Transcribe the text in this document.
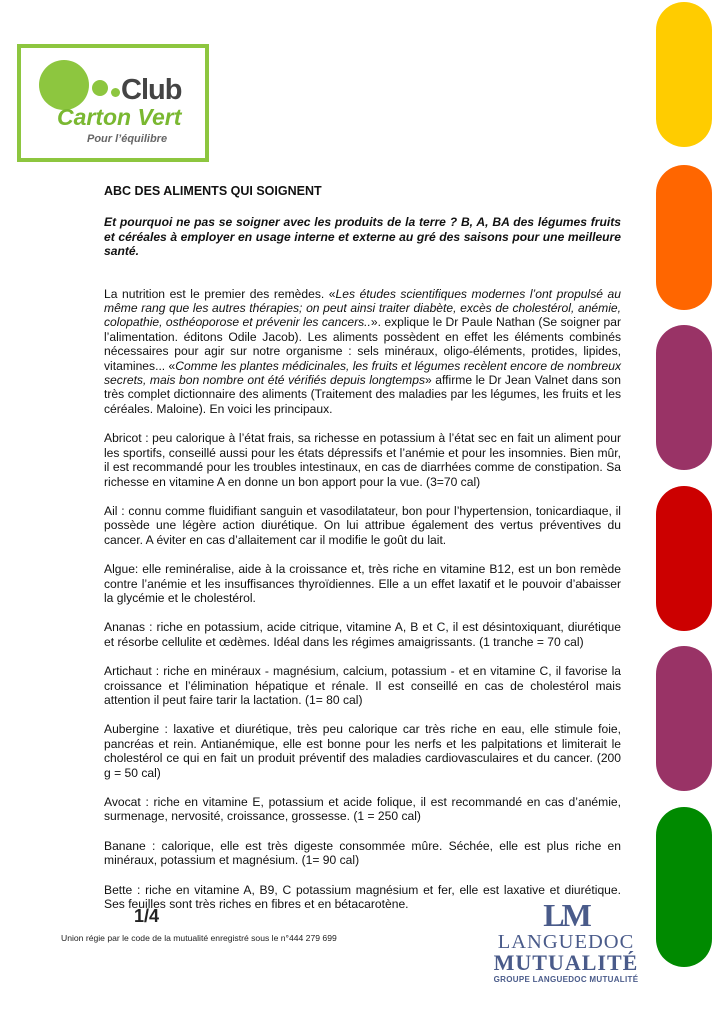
Club
Carton Vert
Pour l’équilibre

ABC DES ALIMENTS QUI SOIGNENT

Et pourquoi ne pas se soigner avec les produits de la terre ? B, A, BA des légumes fruits et céréales à employer en usage interne et externe au gré des saisons pour une meilleure santé.

La nutrition est le premier des remèdes. «Les études scientifiques modernes l’ont propulsé au même rang que les autres thérapies; on peut ainsi traiter diabète, excès de cholestérol, anémie, colopathie, osthéoporose et prévenir les cancers..». explique le Dr Paule Nathan (Se soigner par l’alimentation. éditons Odile Jacob). Les aliments possèdent en effet les éléments combinés nécessaires pour agir sur notre organisme : sels minéraux, oligo-éléments, protides, lipides, vitamines... «Comme les plantes médicinales, les fruits et légumes recèlent encore de nombreux secrets, mais bon nombre ont été vérifiés depuis longtemps» affirme le Dr Jean Valnet dans son très complet dictionnaire des aliments (Traitement des maladies par les légumes, les fruits et les céréales. Maloine). En voici les principaux.

Abricot : peu calorique à l’état frais, sa richesse en potassium à l’état sec en fait un aliment pour les sportifs, conseillé aussi pour les états dépressifs et l’anémie et pour les insomnies. Bien mûr, il est recommandé pour les troubles intestinaux, en cas de diarrhées comme de constipation. Sa richesse en vitamine A en donne un bon apport pour la vue. (3=70 cal)

Ail : connu comme fluidifiant sanguin et vasodilatateur, bon pour l’hypertension, tonicardiaque, il possède une légère action diurétique. On lui attribue également des vertus préventives du cancer. A éviter en cas d’allaitement car il modifie le goût du lait.

Algue: elle reminéralise, aide à la croissance et, très riche en vitamine B12, est un bon remède contre l’anémie et les insuffisances thyroïdiennes. Elle a un effet laxatif et le pouvoir d’abaisser la glycémie et le cholestérol.

Ananas : riche en potassium, acide citrique, vitamine A, B et C, il est désintoxiquant, diurétique et résorbe cellulite et œdèmes. Idéal dans les régimes amaigrissants. (1 tranche = 70 cal)

Artichaut : riche en minéraux - magnésium, calcium, potassium - et en vitamine C, il favorise la croissance et l’élimination hépatique et rénale. Il est conseillé en cas de cholestérol mais attention il peut faire tarir la lactation. (1= 80 cal)

Aubergine : laxative et diurétique, très peu calorique car très riche en eau, elle stimule foie, pancréas et rein. Antianémique, elle est bonne pour les nerfs et les palpitations et limiterait le cholestérol ce qui en fait un produit préventif des maladies cardiovasculaires et du cancer. (200 g = 50 cal)

Avocat : riche en vitamine E, potassium et acide folique, il est recommandé en cas d’anémie, surmenage, nervosité, croissance, grossesse. (1 = 250 cal)

Banane : calorique, elle est très digeste consommée mûre. Séchée, elle est plus riche en minéraux, potassium et magnésium. (1= 90 cal)

Bette : riche en vitamine A, B9, C potassium magnésium et fer, elle est laxative et diurétique. Ses feuilles sont très riches en fibres et en bétacarotène.

1/4
Union régie par le code de la mutualité enregistré sous le n°444 279 699
LM
LANGUEDOC
MUTUALITÉ
GROUPE LANGUEDOC MUTUALITÉ
